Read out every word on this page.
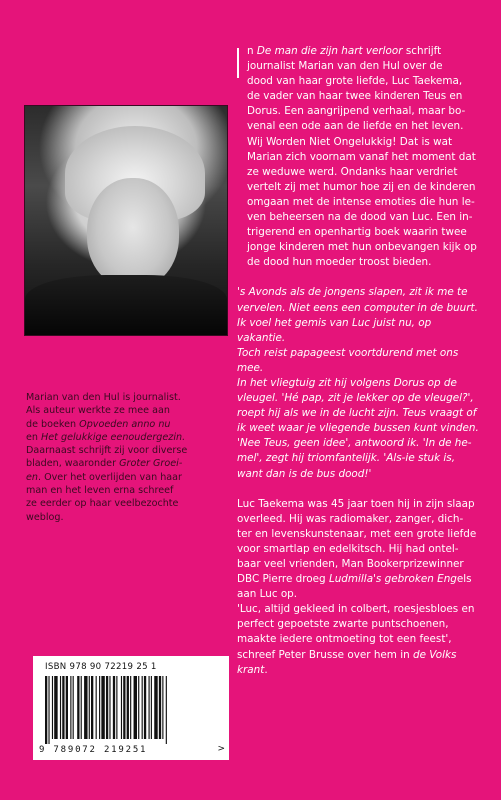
Marian van den Hul is journalist.
Als auteur werkte ze mee aan
de boeken Opvoeden anno nu
en Het gelukkige eenoudergezin.
Daarnaast schrijft zij voor diverse
bladen, waaronder Groter Groei-
en. Over het overlijden van haar
man en het leven erna schreef
ze eerder op haar veelbezochte
weblog.
n De man die zijn hart verloor schrijft
journalist Marian van den Hul over de
dood van haar grote liefde, Luc Taekema,
de vader van haar twee kinderen Teus en
Dorus. Een aangrijpend verhaal, maar bo-
venal een ode aan de liefde en het leven.
Wij Worden Niet Ongelukkig! Dat is wat
Marian zich voornam vanaf het moment dat
ze weduwe werd. Ondanks haar verdriet
vertelt zij met humor hoe zij en de kinderen
omgaan met de intense emoties die hun le-
ven beheersen na de dood van Luc. Een in-
trigerend en openhartig boek waarin twee
jonge kinderen met hun onbevangen kijk op
de dood hun moeder troost bieden.
's Avonds als de jongens slapen, zit ik me te
vervelen. Niet eens een computer in de buurt.
Ik voel het gemis van Luc juist nu, op vakantie.
Toch reist papageest voortdurend met ons mee.
In het vliegtuig zit hij volgens Dorus op de
vleugel. 'Hé pap, zit je lekker op de vleugel?',
roept hij als we in de lucht zijn. Teus vraagt of
ik weet waar je vliegende bussen kunt vinden.
'Nee Teus, geen idee', antwoord ik. 'In de he-
mel', zegt hij triomfantelijk. 'Als-ie stuk is,
want dan is de bus dood!'
Luc Taekema was 45 jaar toen hij in zijn slaap
overleed. Hij was radiomaker, zanger, dich-
ter en levenskunstenaar, met een grote liefde
voor smartlap en edelkitsch. Hij had ontel-
baar veel vrienden, Man Bookerprizewinner
DBC Pierre droeg Ludmilla's gebroken Engels
aan Luc op.
'Luc, altijd gekleed in colbert, roesjesbloes en
perfect gepoetste zwarte puntschoenen,
maakte iedere ontmoeting tot een feest',
schreef Peter Brusse over hem in de Volks
krant.
ISBN 978 90 72219 25 1
9 789072 219251	>
